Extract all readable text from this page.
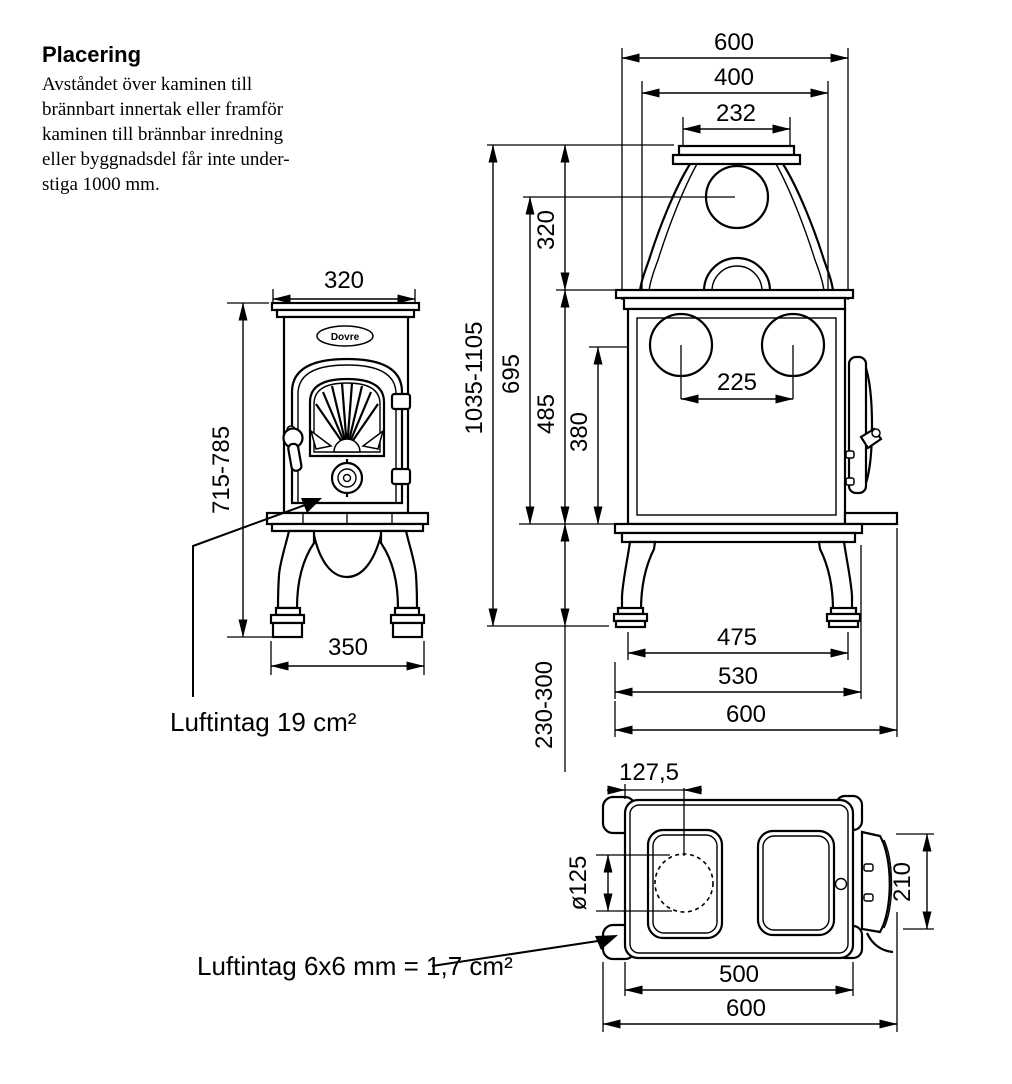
Placering
Avståndet över kaminen till
brännbart innertak eller framför
kaminen till brännbar inredning
eller byggnadsdel får inte under-
stiga 1000 mm.
Dovre
320
715-785
350
Luftintag 19 cm²
600
400
232
1035-1105 695
320
485 380
230-300
225
475
530
600
127,5
ø125	210
500
600
Luftintag 6x6 mm = 1,7 cm²
